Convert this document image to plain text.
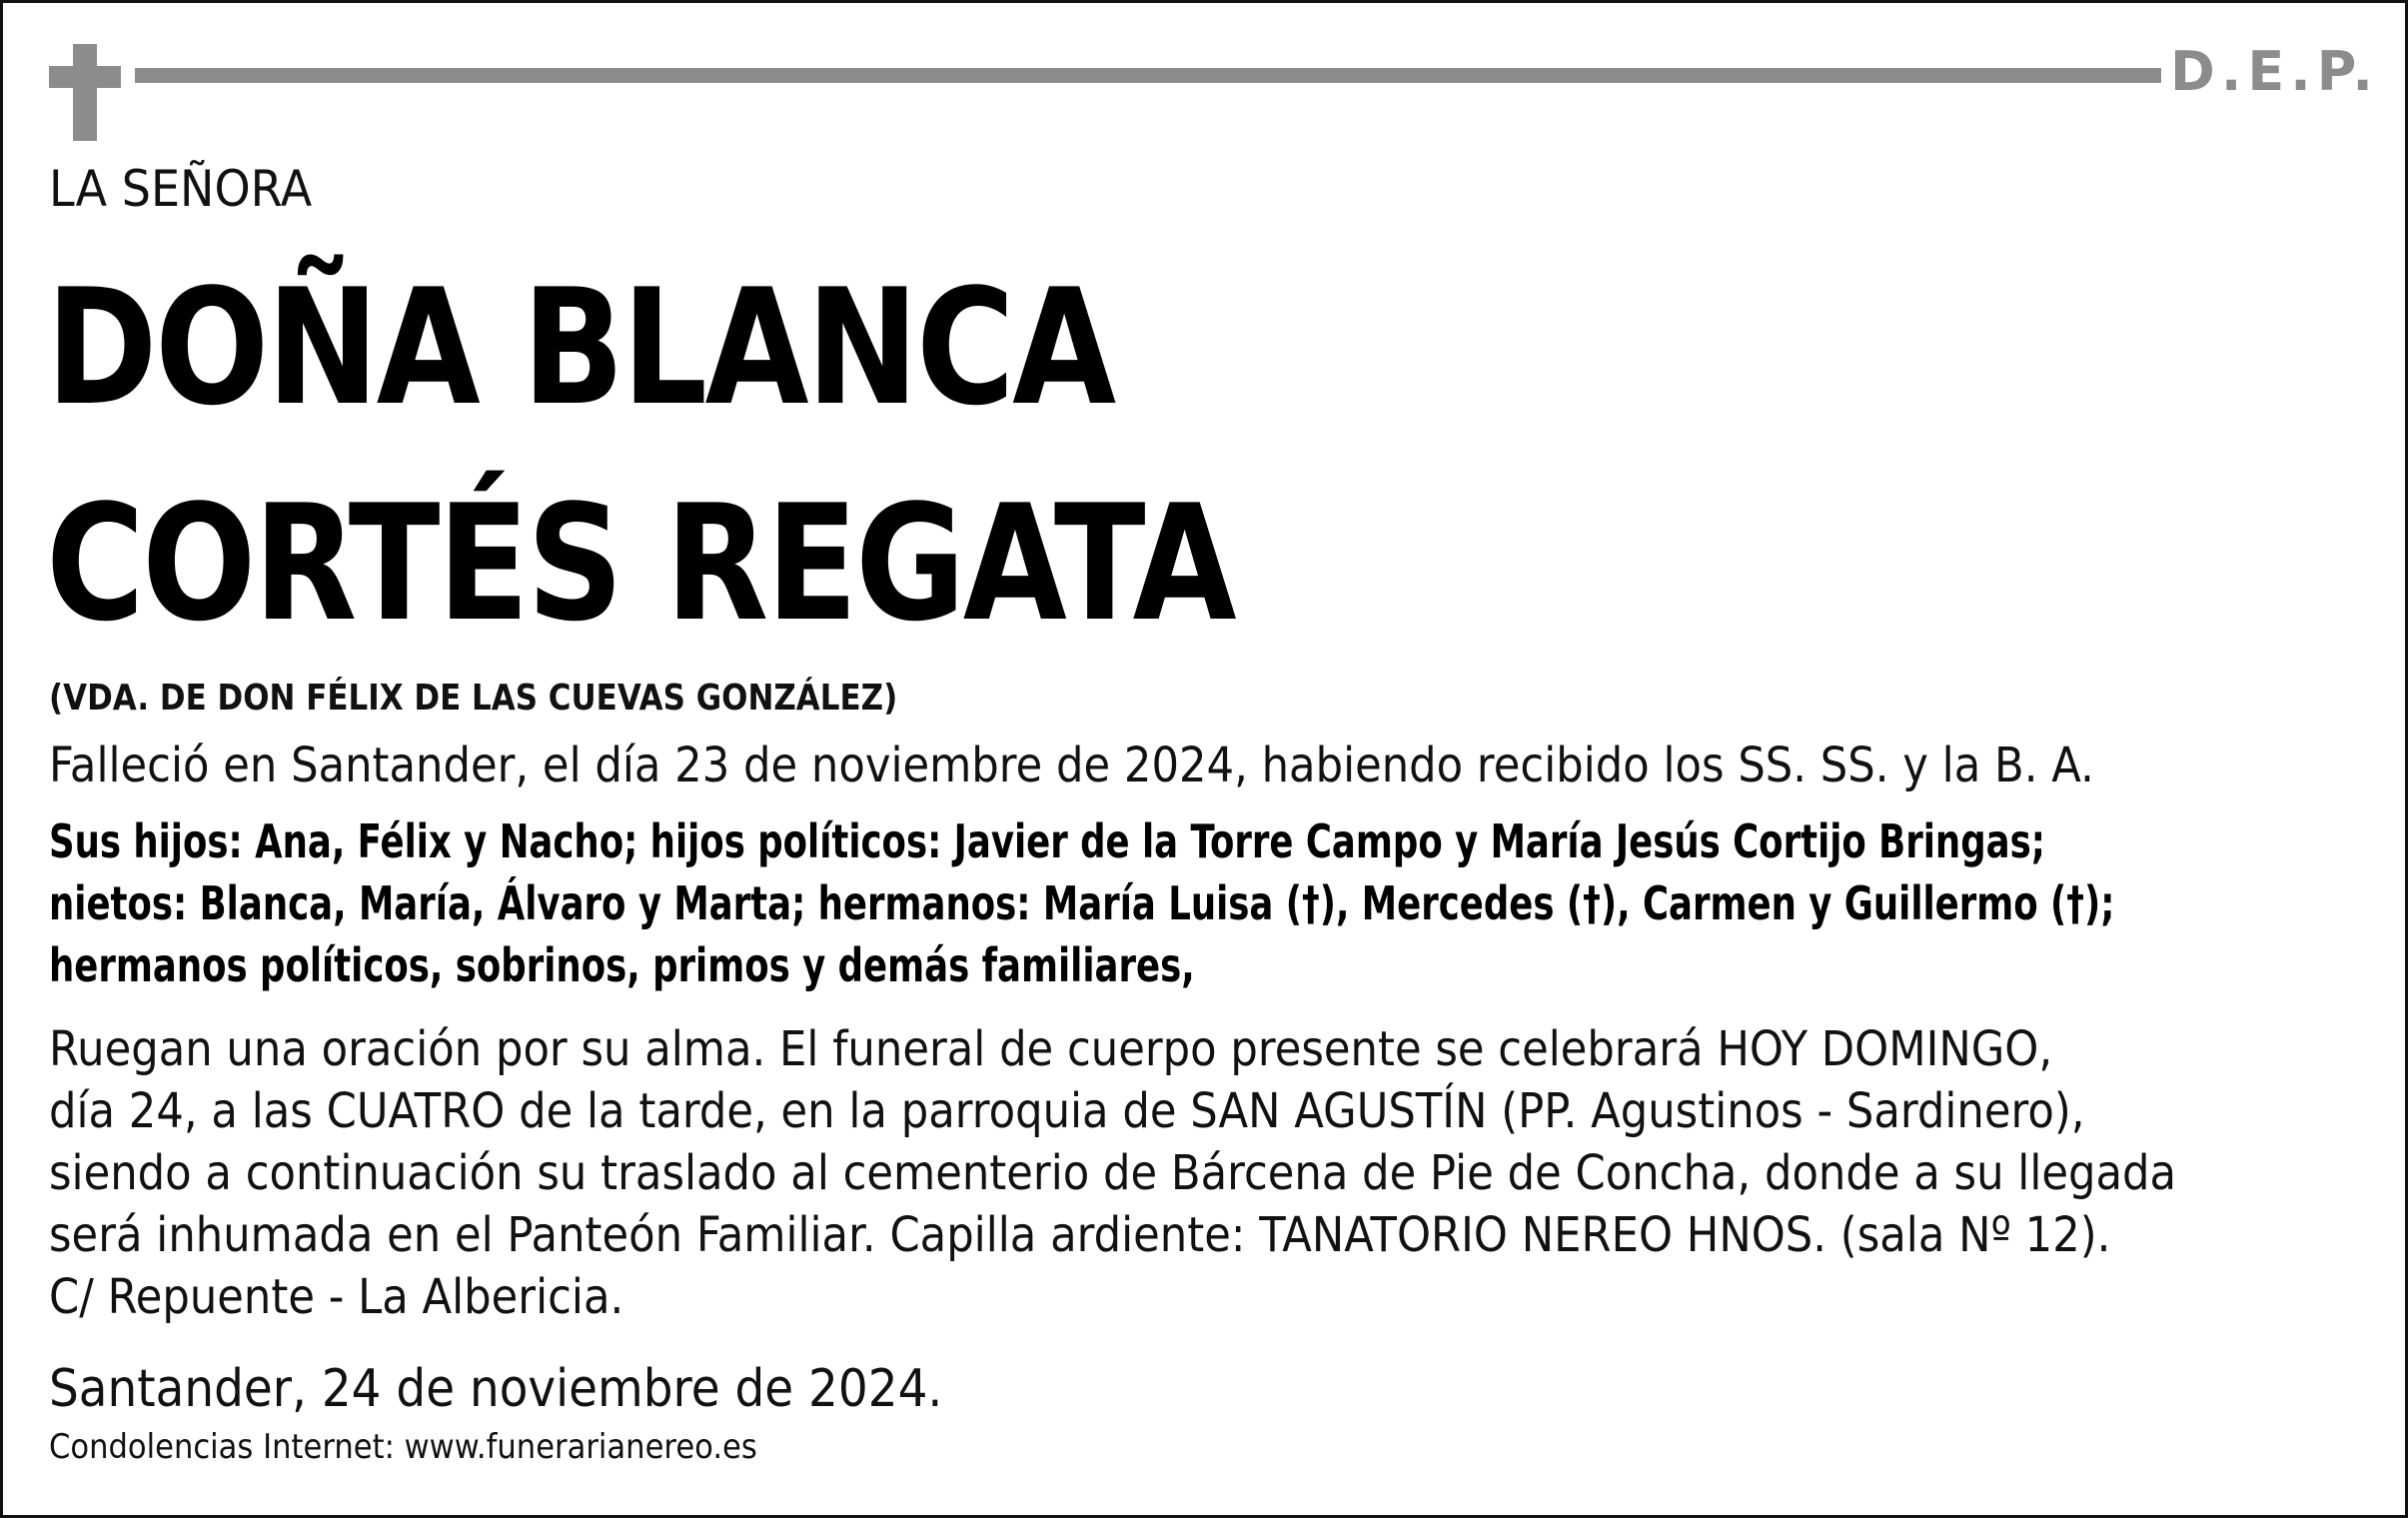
D.E.P.
LA SEÑORA
DOÑA BLANCA
CORTÉS REGATA
(VDA. DE DON FÉLIX DE LAS CUEVAS GONZÁLEZ)
Falleció en Santander, el día 23 de noviembre de 2024, habiendo recibido los SS. SS. y la B. A.
Sus hijos: Ana, Félix y Nacho; hijos políticos: Javier de la Torre Campo y María Jesús Cortijo Bringas;
nietos: Blanca, María, Álvaro y Marta; hermanos: María Luisa (†), Mercedes (†), Carmen y Guillermo (†);
hermanos políticos, sobrinos, primos y demás familiares,
Ruegan una oración por su alma. El funeral de cuerpo presente se celebrará HOY DOMINGO,
día 24, a las CUATRO de la tarde, en la parroquia de SAN AGUSTÍN (PP. Agustinos - Sardinero),
siendo a continuación su traslado al cementerio de Bárcena de Pie de Concha, donde a su llegada
será inhumada en el Panteón Familiar. Capilla ardiente: TANATORIO NEREO HNOS. (sala Nº 12).
C/ Repuente - La Albericia.
Santander, 24 de noviembre de 2024.
Condolencias Internet: www.funerarianereo.es
